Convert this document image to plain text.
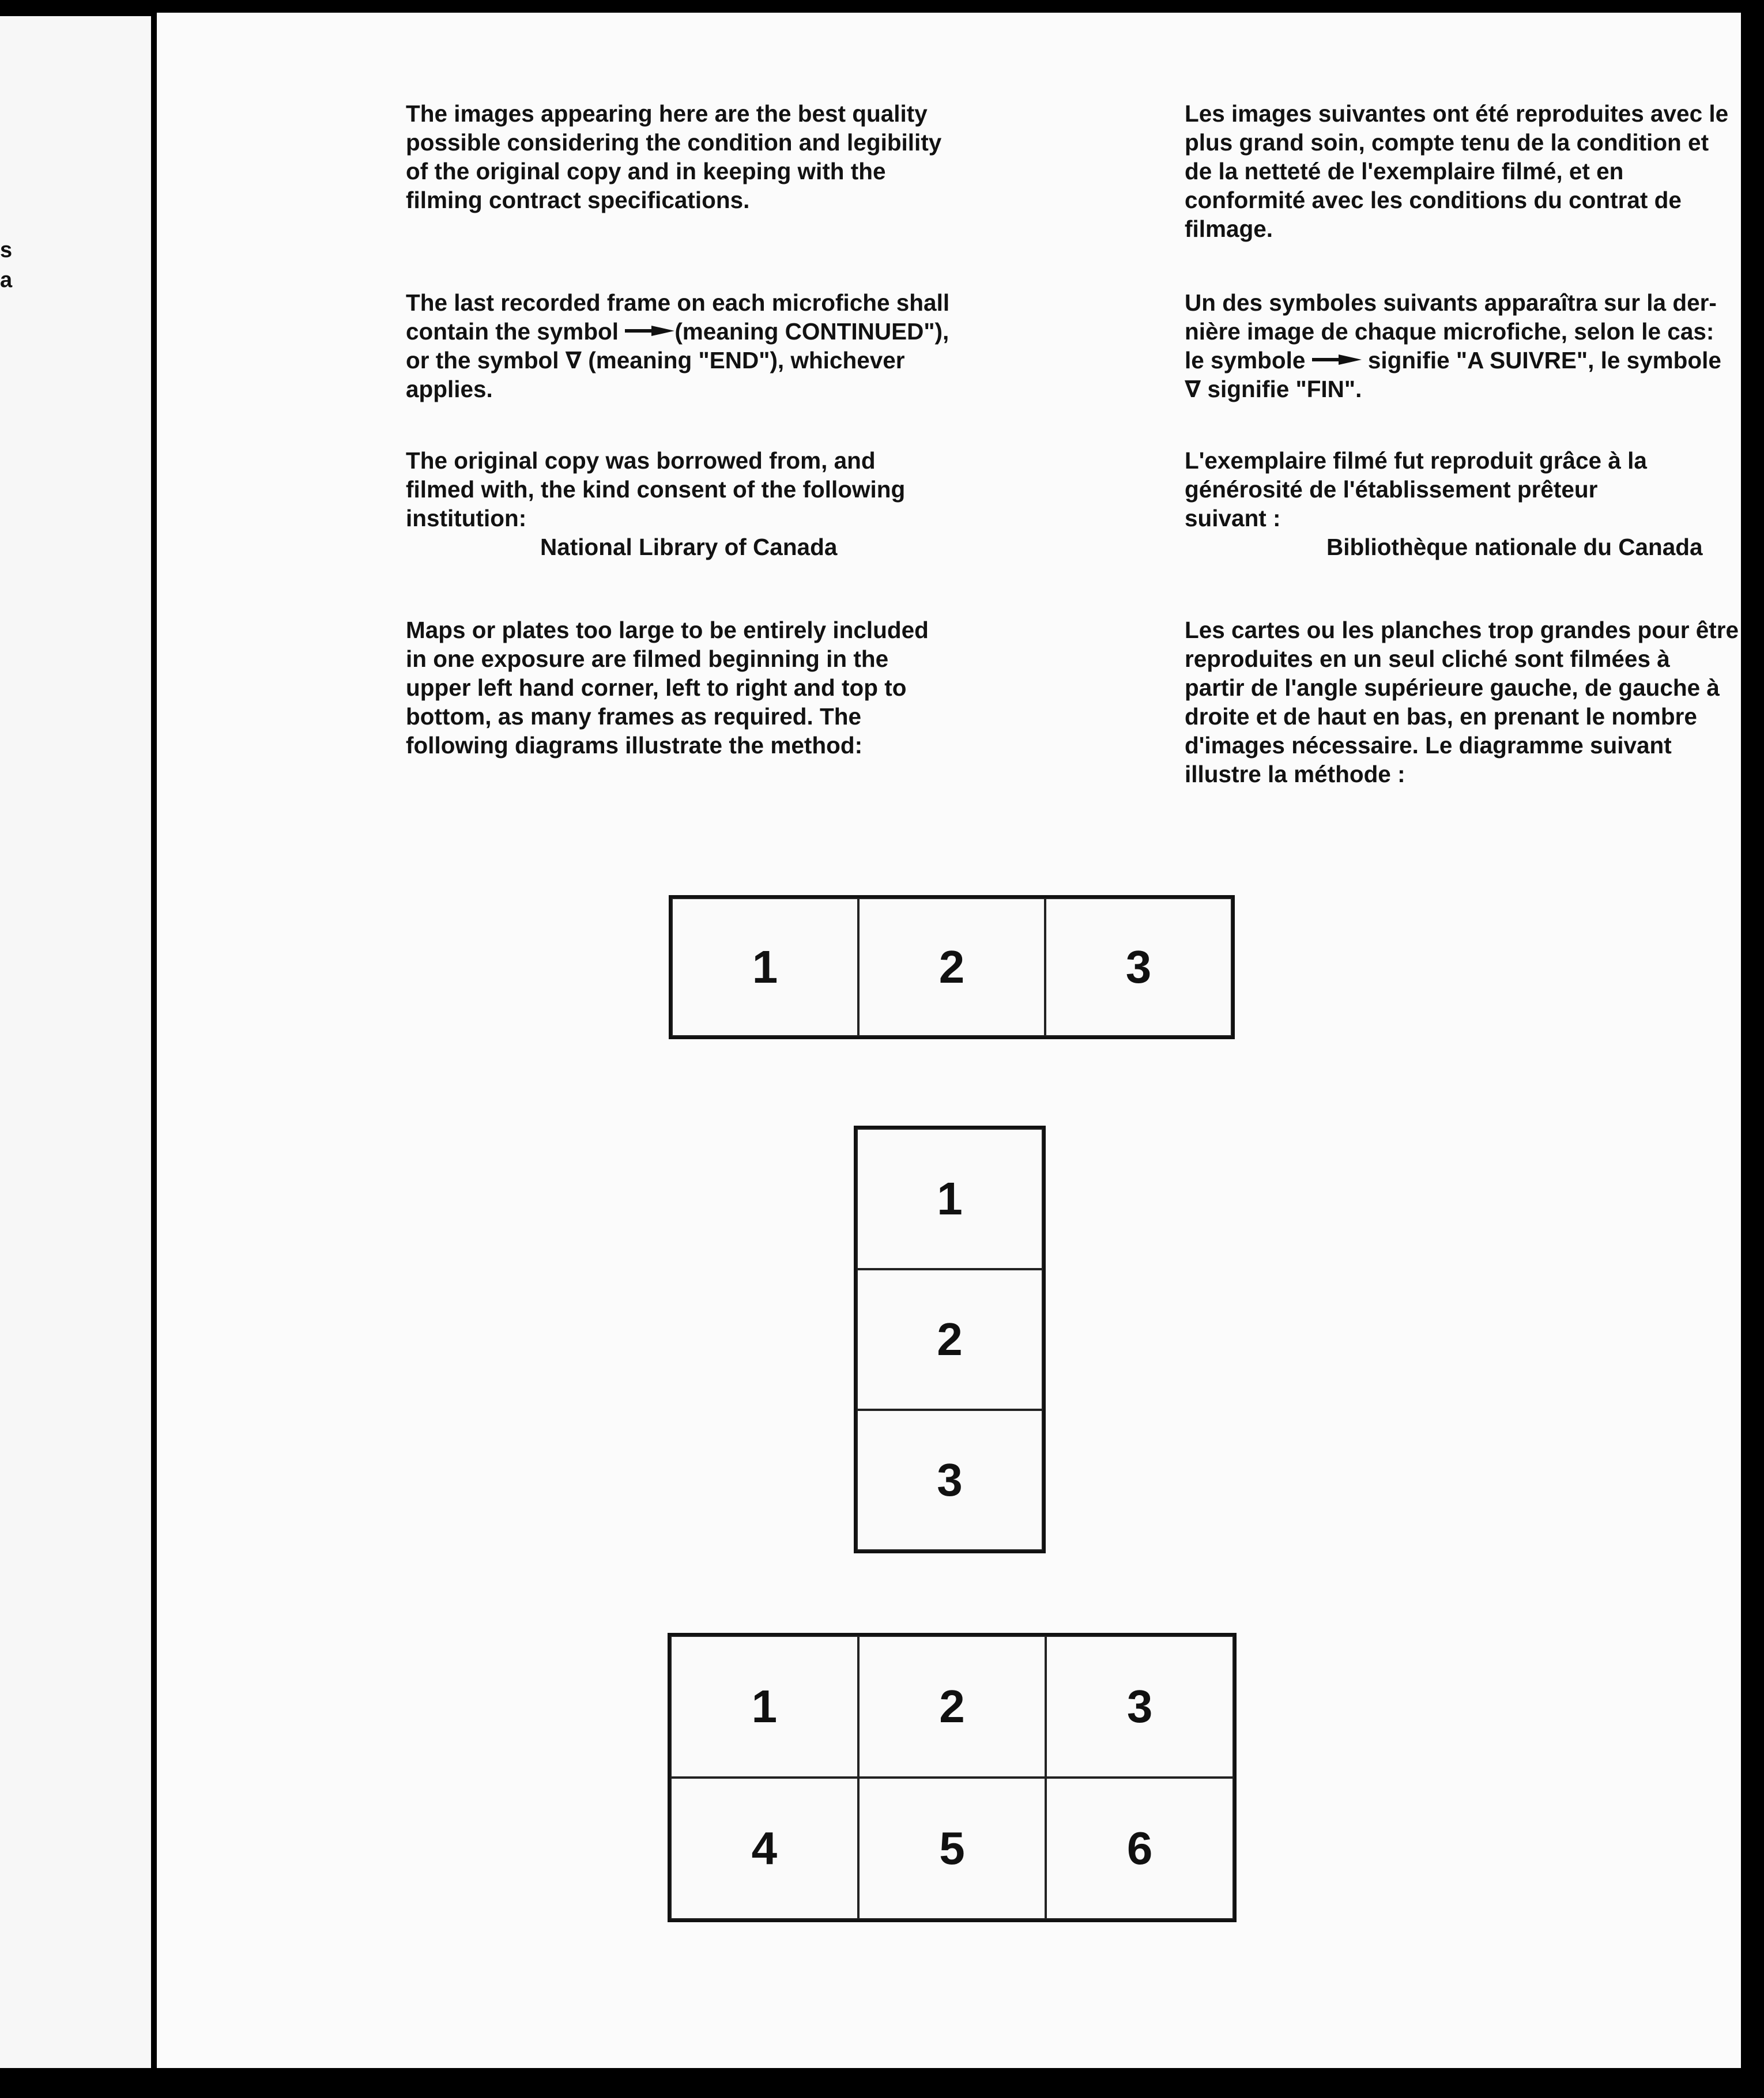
s
a
The images appearing here are the best quality
possible considering the condition and legibility
of the original copy and in keeping with the
filming contract specifications.
The last recorded frame on each microfiche shall
contain the symbol (meaning CONTINUED"),
or the symbol ∇ (meaning "END"), whichever
applies.
The original copy was borrowed from, and
filmed with, the kind consent of the following
institution:
National Library of Canada
Maps or plates too large to be entirely included
in one exposure are filmed beginning in the
upper left hand corner, left to right and top to
bottom, as many frames as required. The
following diagrams illustrate the method:
Les images suivantes ont été reproduites avec le
plus grand soin, compte tenu de la condition et
de la netteté de l'exemplaire filmé, et en
conformité avec les conditions du contrat de
filmage.
Un des symboles suivants apparaîtra sur la der-
nière image de chaque microfiche, selon le cas:
le symbole  signifie "A SUIVRE", le symbole
∇ signifie "FIN".
L'exemplaire filmé fut reproduit grâce à la
générosité de l'établissement prêteur
suivant :
Bibliothèque nationale du Canada
Les cartes ou les planches trop grandes pour être
reproduites en un seul cliché sont filmées à
partir de l'angle supérieure gauche, de gauche à
droite et de haut en bas, en prenant le nombre
d'images nécessaire. Le diagramme suivant
illustre la méthode :
1	2	3
1
2
3
1	2	3
4	5	6
